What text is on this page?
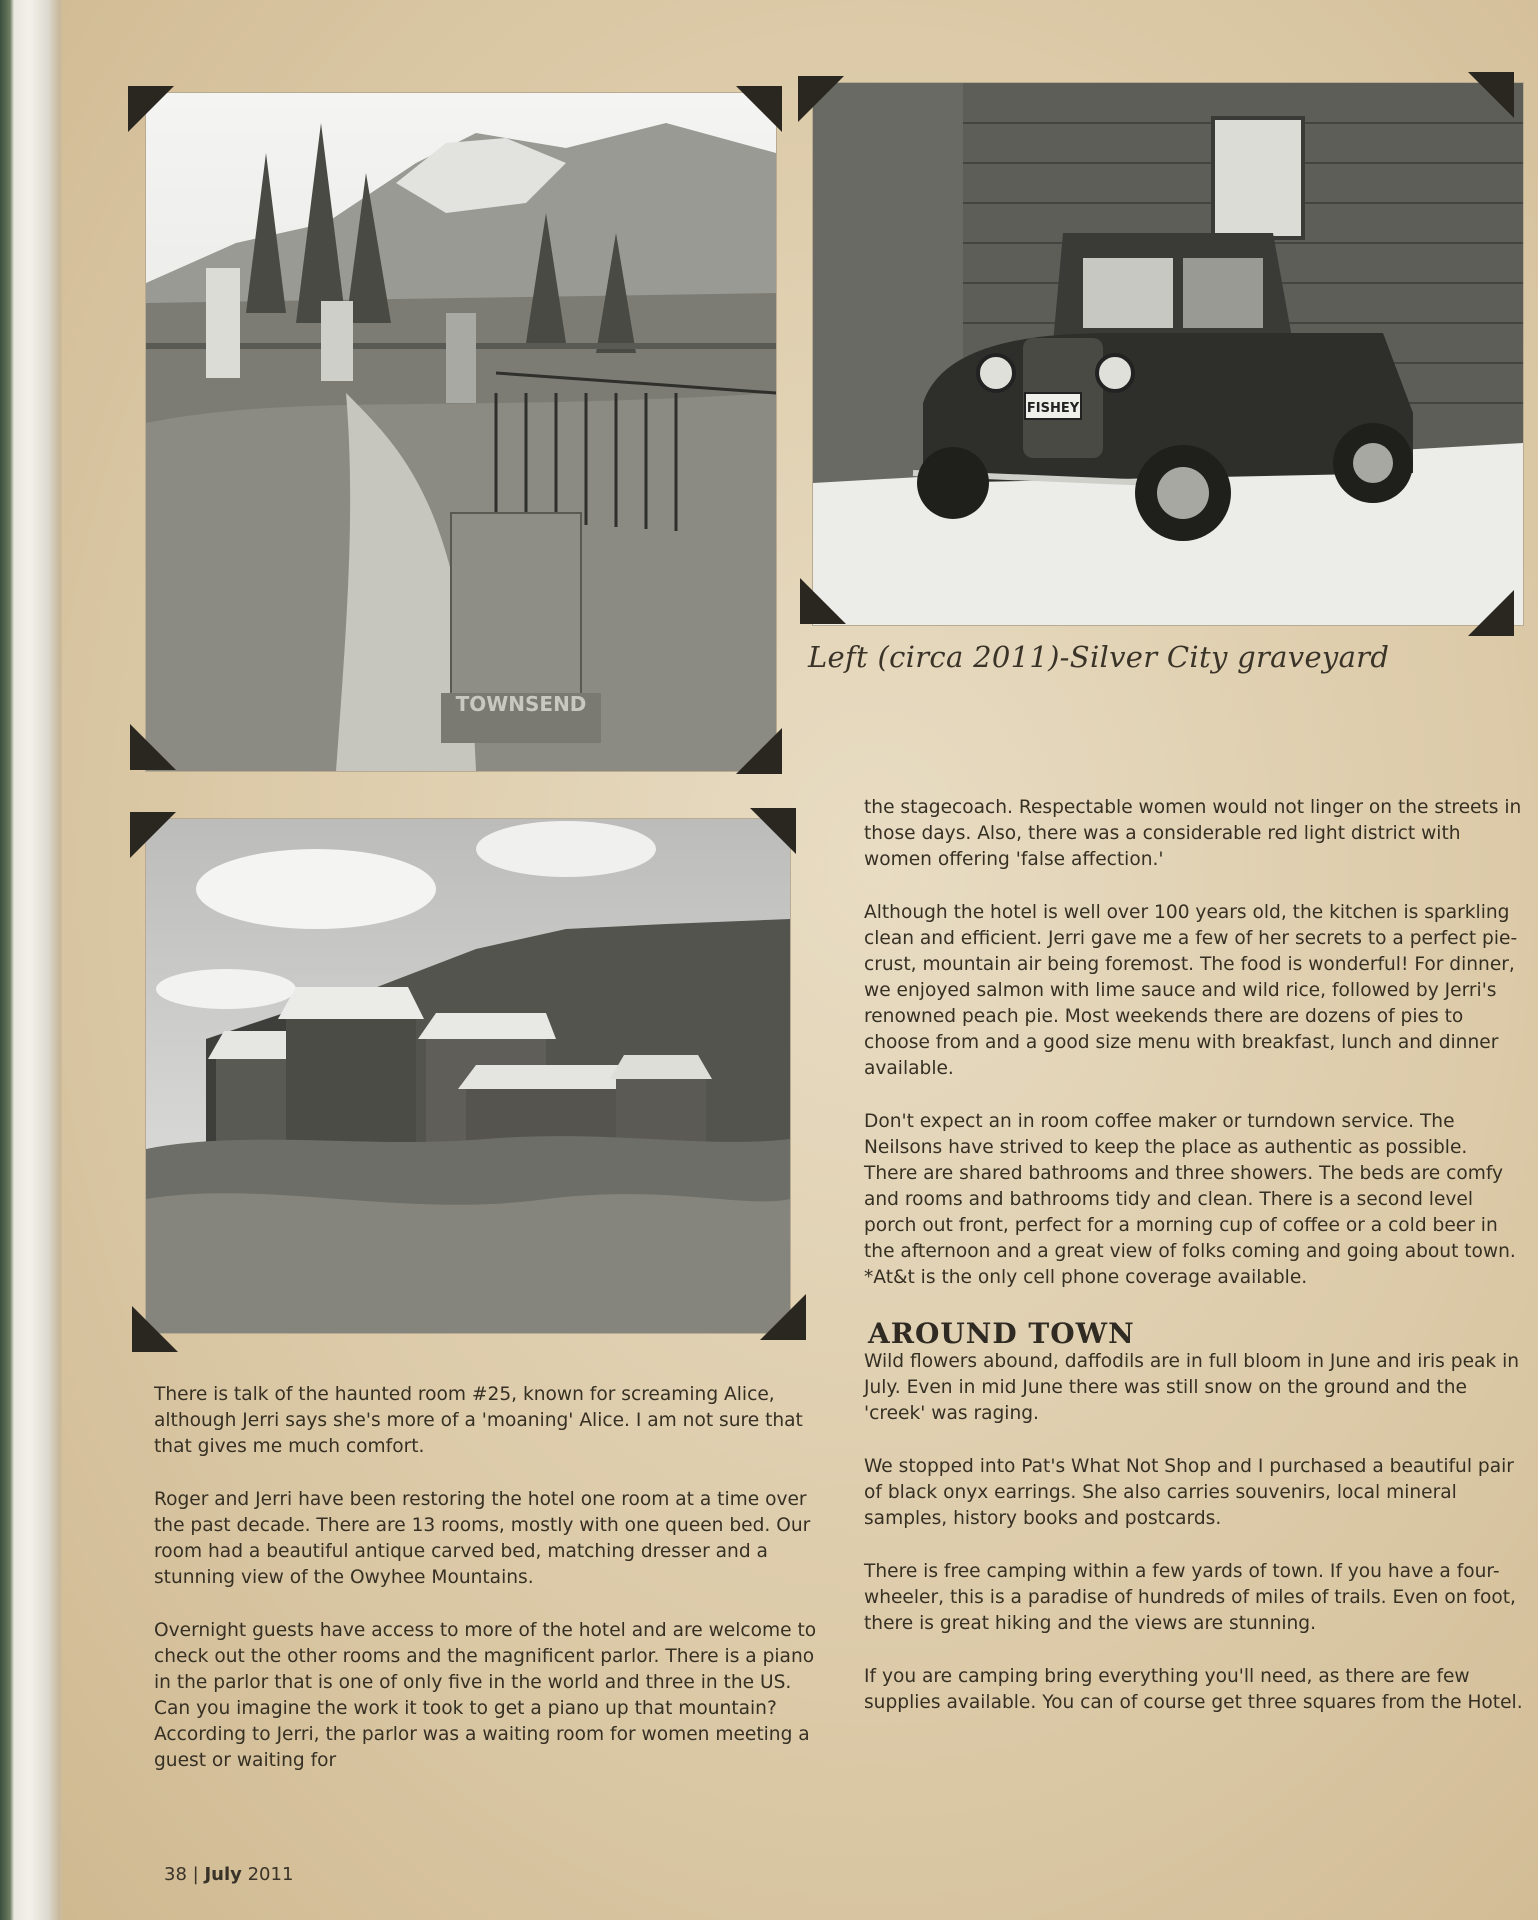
TOWNSEND
FISHEY
Left (circa 2011)-Silver City graveyard

There is talk of the haunted room #25, known for screaming Alice, although Jerri says she's more of a 'moaning' Alice. I am not sure that that gives me much comfort.

Roger and Jerri have been restoring the hotel one room at a time over the past decade. There are 13 rooms, mostly with one queen bed. Our room had a beautiful antique carved bed, matching dresser and a stunning view of the Owyhee Mountains.

Overnight guests have access to more of the hotel and are welcome to check out the other rooms and the magnificent parlor. There is a piano in the parlor that is one of only five in the world and three in the US. Can you imagine the work it took to get a piano up that mountain? According to Jerri, the parlor was a waiting room for women meeting a guest or waiting for

the stagecoach. Respectable women would not linger on the streets in those days. Also, there was a considerable red light district with women offering 'false affection.'

Although the hotel is well over 100 years old, the kitchen is sparkling clean and efficient. Jerri gave me a few of her secrets to a perfect pie- crust, mountain air being foremost. The food is wonderful! For dinner, we enjoyed salmon with lime sauce and wild rice, followed by Jerri's renowned peach pie. Most weekends there are dozens of pies to choose from and a good size menu with breakfast, lunch and dinner available.

Don't expect an in room coffee maker or turndown service. The Neilsons have strived to keep the place as authentic as possible. There are shared bathrooms and three showers. The beds are comfy and rooms and bathrooms tidy and clean. There is a second level porch out front, perfect for a morning cup of coffee or a cold beer in the afternoon and a great view of folks coming and going about town.

*At&t is the only cell phone coverage available.

AROUND TOWN

Wild flowers abound, daffodils are in full bloom in June and iris peak in July. Even in mid June there was still snow on the ground and the 'creek' was raging.

We stopped into Pat's What Not Shop and I purchased a beautiful pair of black onyx earrings. She also carries souvenirs, local mineral samples, history books and postcards.

There is free camping within a few yards of town. If you have a four-wheeler, this is a paradise of hundreds of miles of trails. Even on foot, there is great hiking and the views are stunning.

If you are camping bring everything you'll need, as there are few supplies available. You can of course get three squares from the Hotel.

38 | July 2011
